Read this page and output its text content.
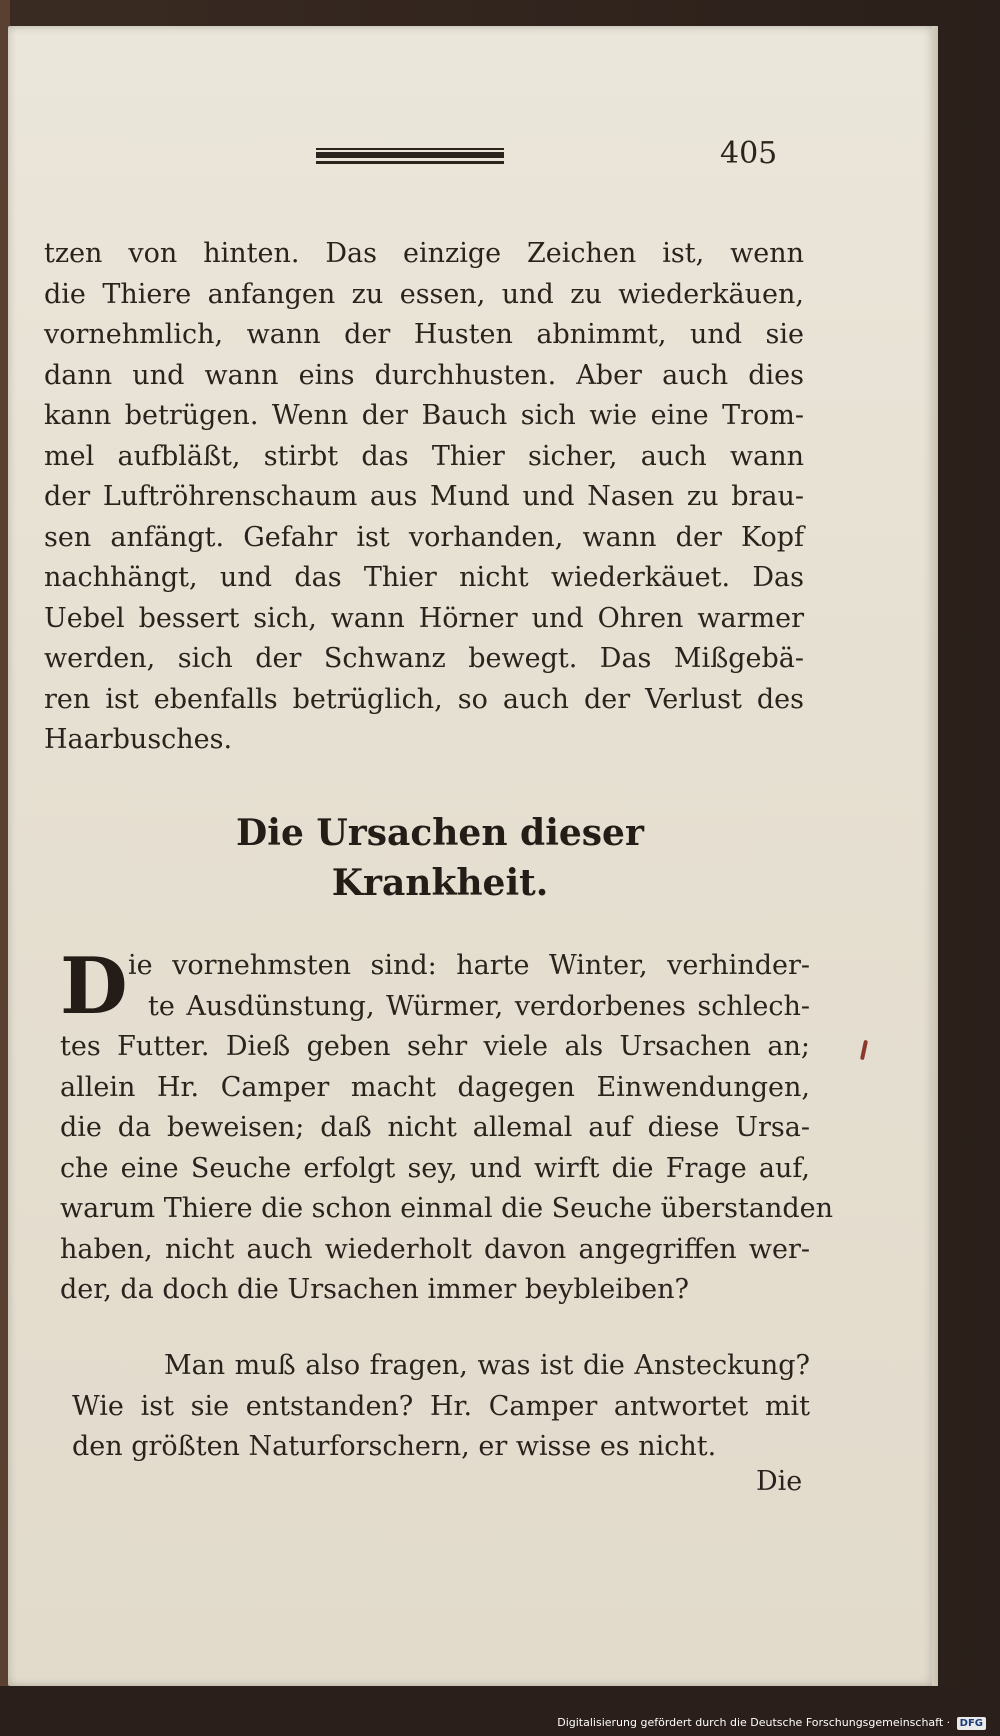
405
tzen von hinten. Das einzige Zeichen ist, wenn
die Thiere anfangen zu essen, und zu wiederkäuen,
vornehmlich, wann der Husten abnimmt, und sie
dann und wann eins durchhusten. Aber auch dies
kann betrügen. Wenn der Bauch sich wie eine Trom-
mel aufbläßt, stirbt das Thier sicher, auch wann
der Luftröhrenschaum aus Mund und Nasen zu brau-
sen anfängt. Gefahr ist vorhanden, wann der Kopf
nachhängt, und das Thier nicht wiederkäuet. Das
Uebel bessert sich, wann Hörner und Ohren warmer
werden, sich der Schwanz bewegt. Das Mißgebä-
ren ist ebenfalls betrüglich, so auch der Verlust des
Haarbusches.
Die Ursachen dieser
Krankheit.
D ie vornehmsten sind: harte Winter, verhinder-
te Ausdünstung, Würmer, verdorbenes schlech-
tes Futter. Dieß geben sehr viele als Ursachen an;
allein Hr. Camper macht dagegen Einwendungen,
die da beweisen; daß nicht allemal auf diese Ursa-
che eine Seuche erfolgt sey, und wirft die Frage auf,
warum Thiere die schon einmal die Seuche überstanden
haben, nicht auch wiederholt davon angegriffen wer-
der, da doch die Ursachen immer beybleiben?
Man muß also fragen, was ist die Ansteckung?
Wie ist sie entstanden? Hr. Camper antwortet mit
den größten Naturforschern, er wisse es nicht.
Die
Digitalisierung gefördert durch die Deutsche Forschungsgemeinschaft · DFG
